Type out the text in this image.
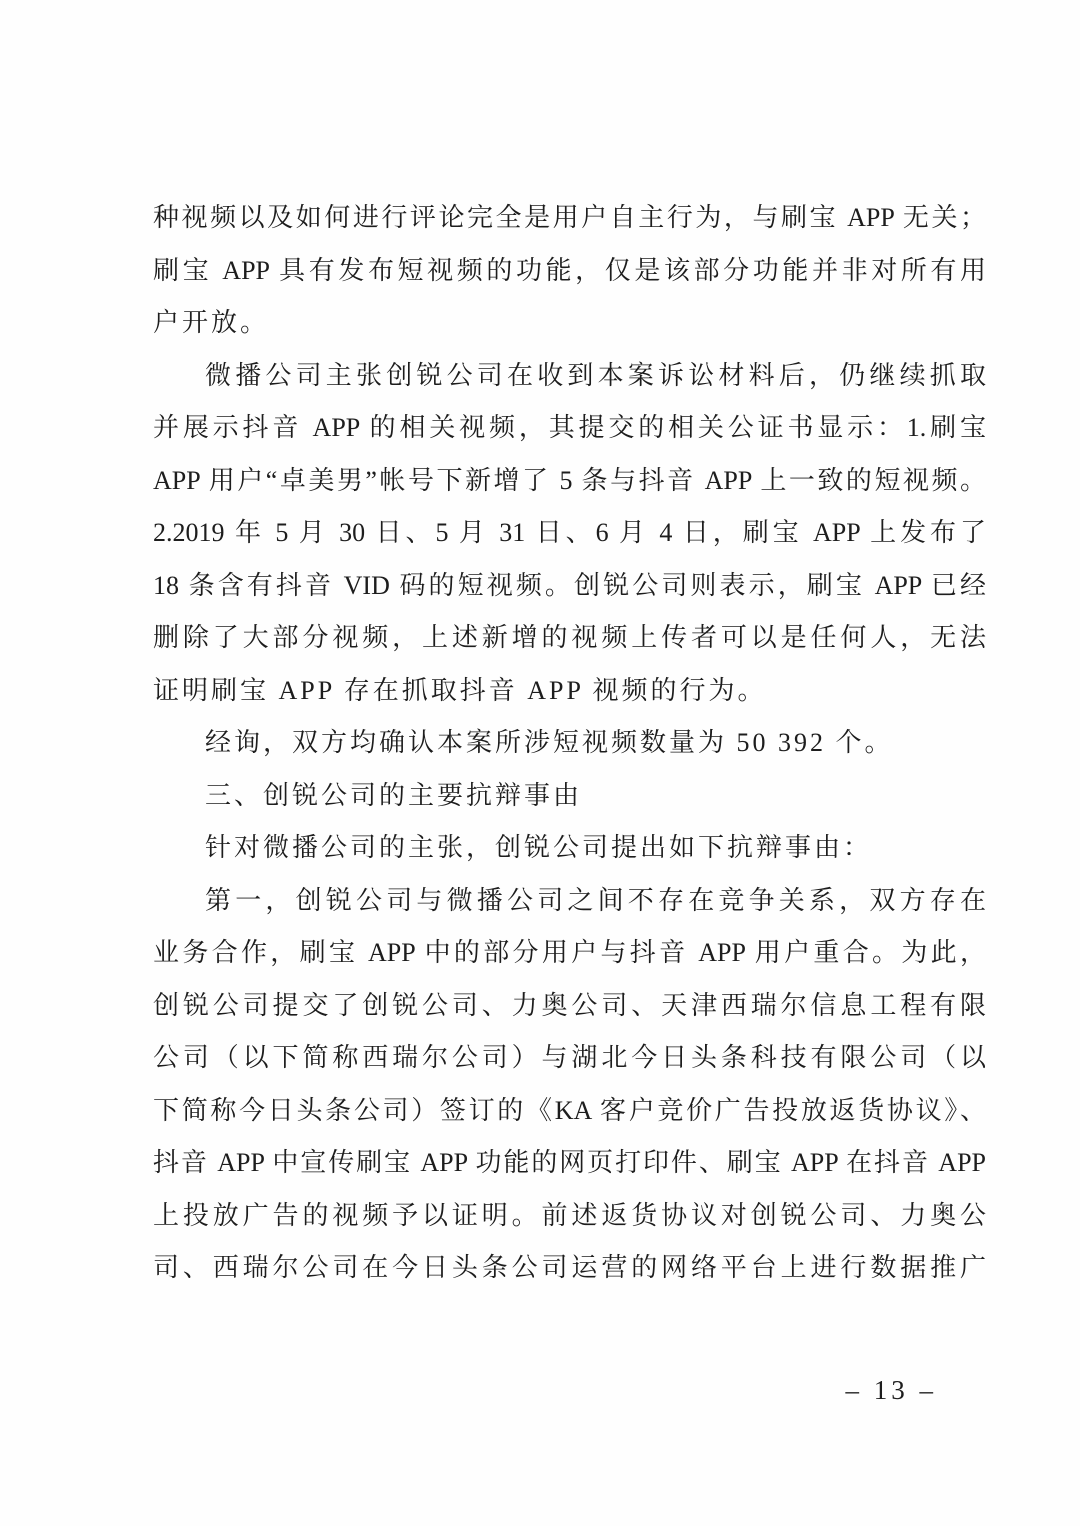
种视频以及如何进行评论完全是用户自主行为，与刷宝 APP 无关；
刷宝 APP 具有发布短视频的功能，仅是该部分功能并非对所有用
户开放。
微播公司主张创锐公司在收到本案诉讼材料后，仍继续抓取
并展示抖音 APP 的相关视频，其提交的相关公证书显示：1.刷宝
APP 用户“卓美男”帐号下新增了 5 条与抖音 APP 上一致的短视频。
2.2019 年 5 月 30 日、5 月 31 日、6 月 4 日，刷宝 APP 上发布了
18 条含有抖音 VID 码的短视频。创锐公司则表示，刷宝 APP 已经
删除了大部分视频，上述新增的视频上传者可以是任何人，无法
证明刷宝 APP 存在抓取抖音 APP 视频的行为。
经询，双方均确认本案所涉短视频数量为 50 392 个。
三、创锐公司的主要抗辩事由
针对微播公司的主张，创锐公司提出如下抗辩事由：
第一，创锐公司与微播公司之间不存在竞争关系，双方存在
业务合作，刷宝 APP 中的部分用户与抖音 APP 用户重合。为此，
创锐公司提交了创锐公司、力奥公司、天津西瑞尔信息工程有限
公司（以下简称西瑞尔公司）与湖北今日头条科技有限公司（以
下简称今日头条公司）签订的《KA 客户竞价广告投放返货协议》、
抖音 APP 中宣传刷宝 APP 功能的网页打印件、刷宝 APP 在抖音 APP
上投放广告的视频予以证明。前述返货协议对创锐公司、力奥公
司、西瑞尔公司在今日头条公司运营的网络平台上进行数据推广
– 13 –
